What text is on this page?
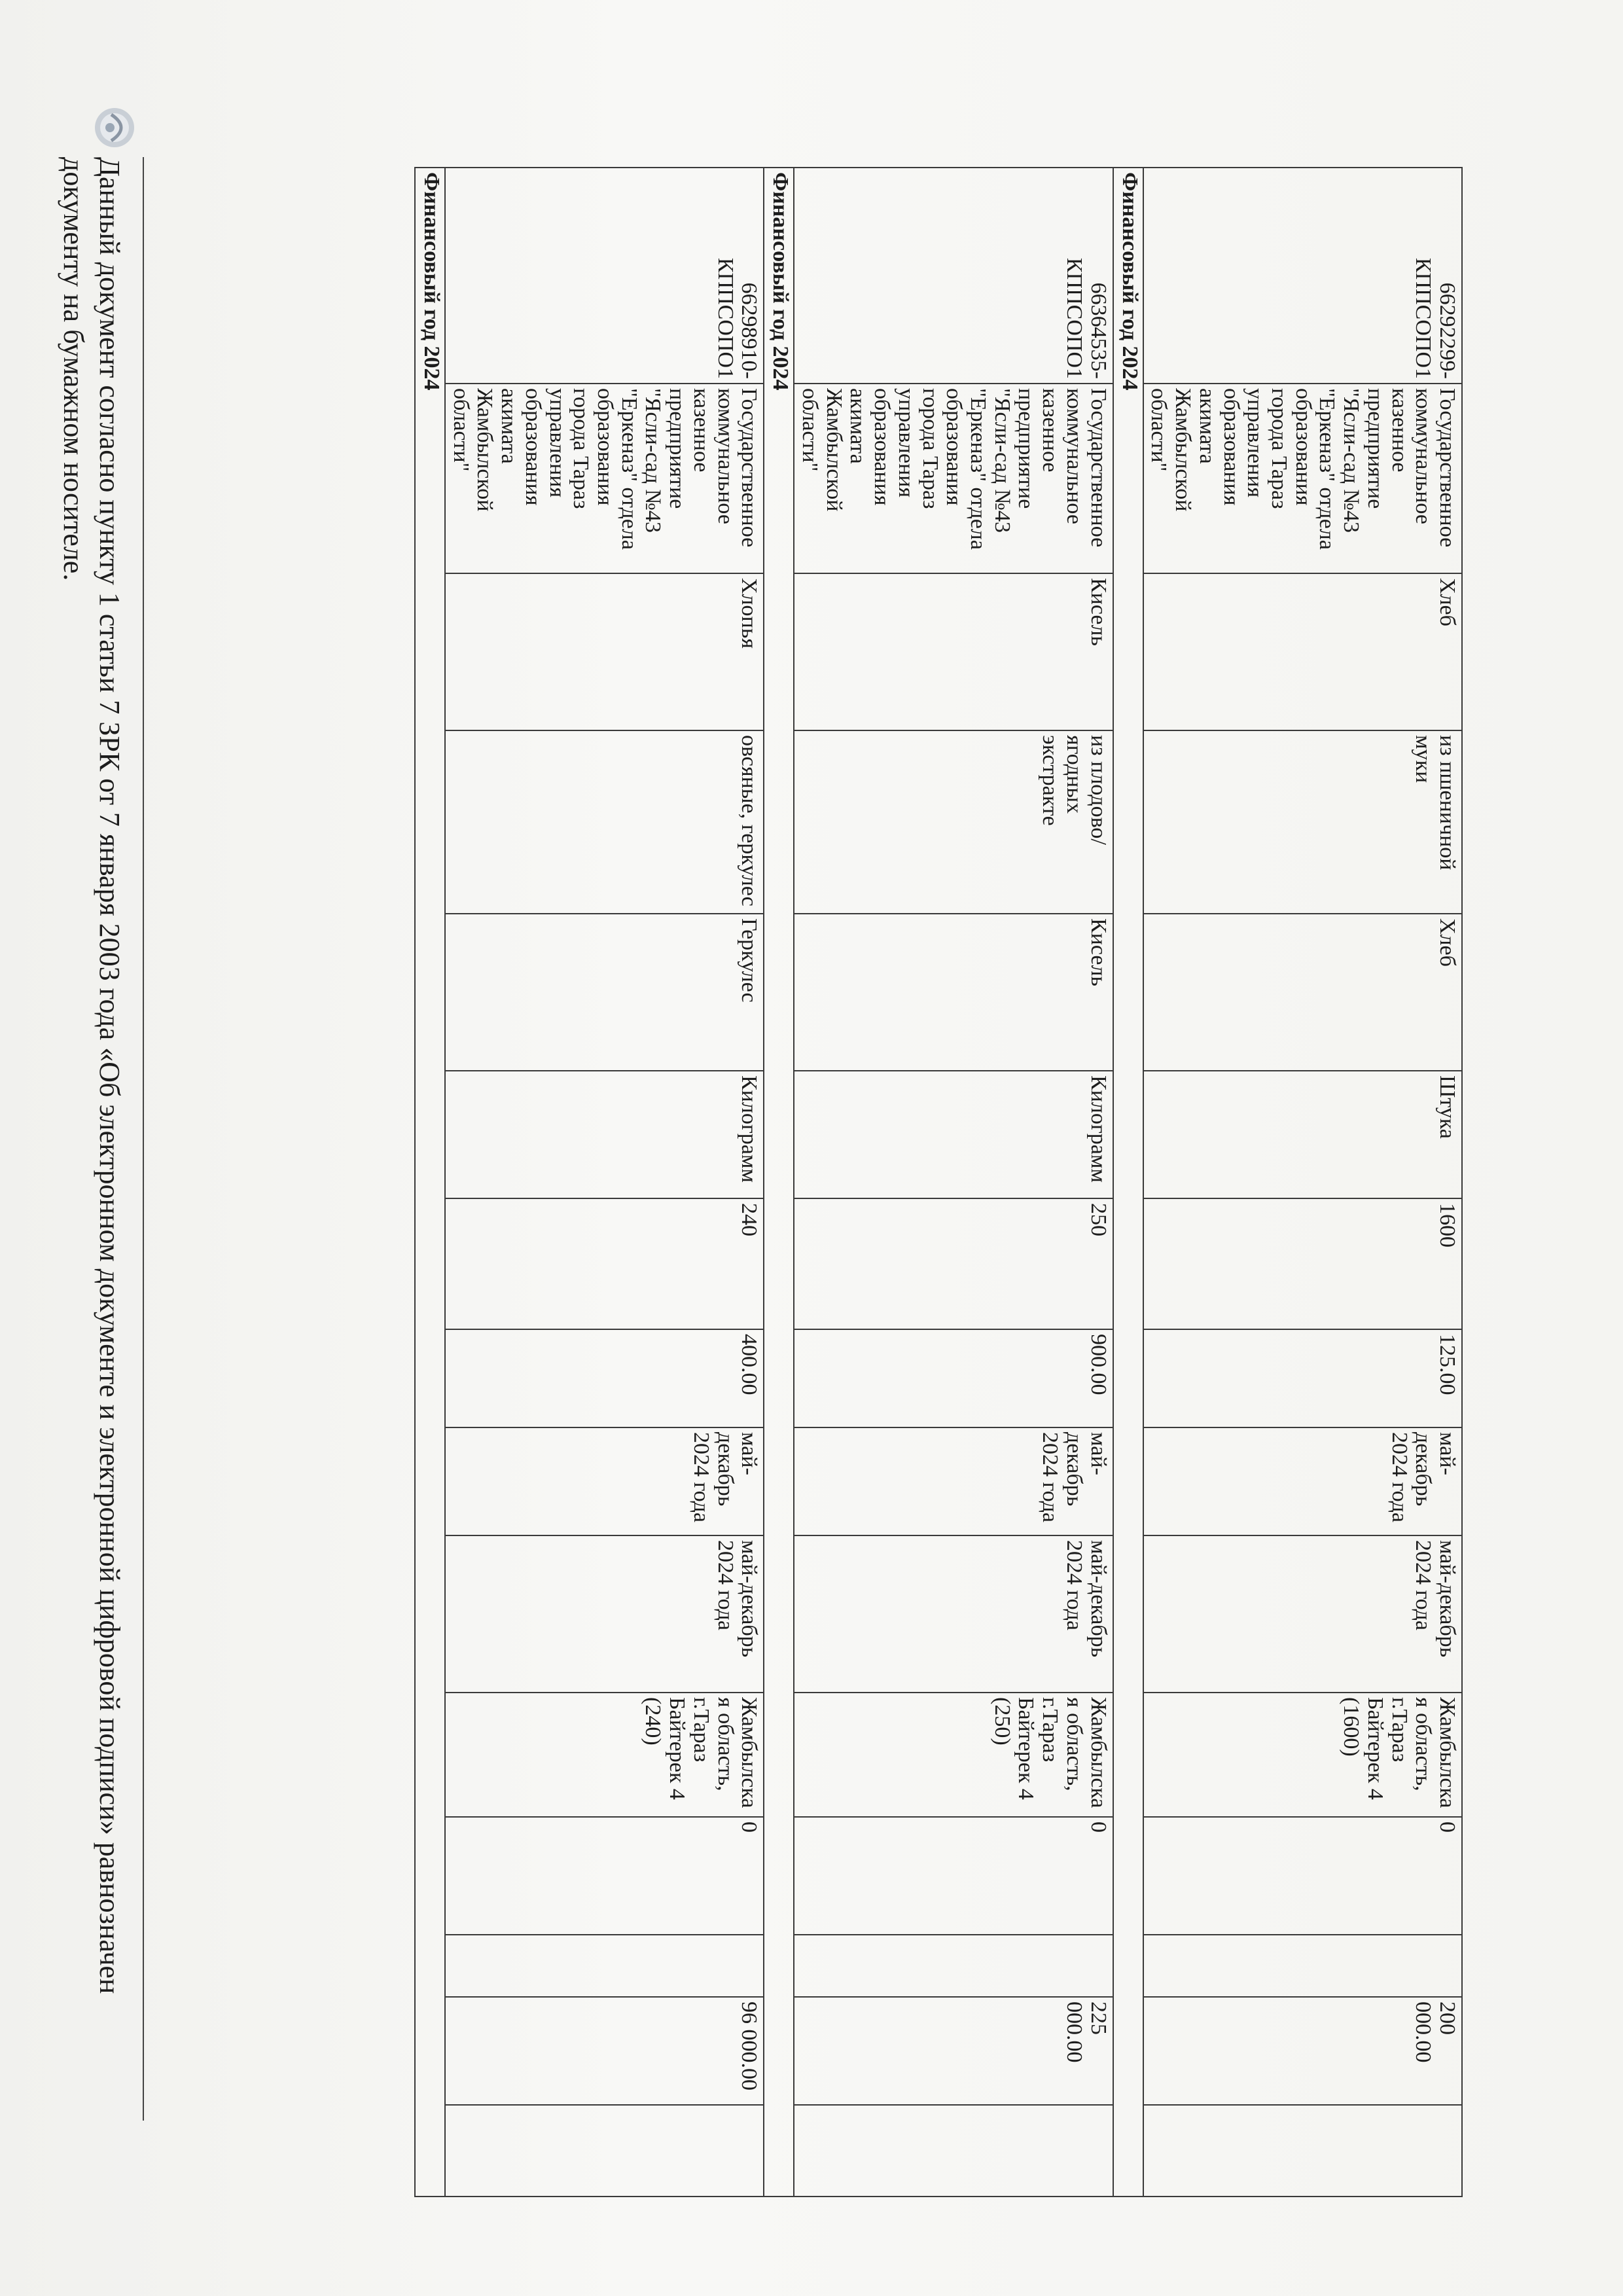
66292299-КППСОПО1	Государственное коммунальное казенное предприятие "Ясли-сад №43 "Еркеназ" отдела образования города Тараз управления образования акимата Жамбылской области"	Хлеб	из пшеничной муки	Хлеб	Штука	1600	125.00	май-декабрь 2024 года	май-декабрь 2024 года	Жамбылская область, г.Тараз Байтерек 4 (1600)	0		200 000.00	
Финансовый год 2024														
66364535-КППСОПО1	Государственное коммунальное казенное предприятие "Ясли-сад №43 "Еркеназ" отдела образования города Тараз управления образования акимата Жамбылской области"	Кисель	из плодово/ ягодных экстракте	Кисель	Килограмм	250	900.00	май-декабрь 2024 года	май-декабрь 2024 года	Жамбылская область, г.Тараз Байтерек 4 (250)	0		225 000.00	
Финансовый год 2024														
66298910-КППСОПО1	Государственное коммунальное казенное предприятие "Ясли-сад №43 "Еркеназ" отдела образования города Тараз управления образования акимата Жамбылской области"	Хлопья	овсяные, геркулес	Геркулес	Килограмм	240	400.00	май-декабрь 2024 года	май-декабрь 2024 года	Жамбылская область, г.Тараз Байтерек 4 (240)	0		96 000.00	
Финансовый год 2024														
Данный документ согласно пункту 1 статьи 7 ЗРК от 7 января 2003 года «Об электронном документе и электронной цифровой подписи» равнозначен документу на бумажном носителе.
